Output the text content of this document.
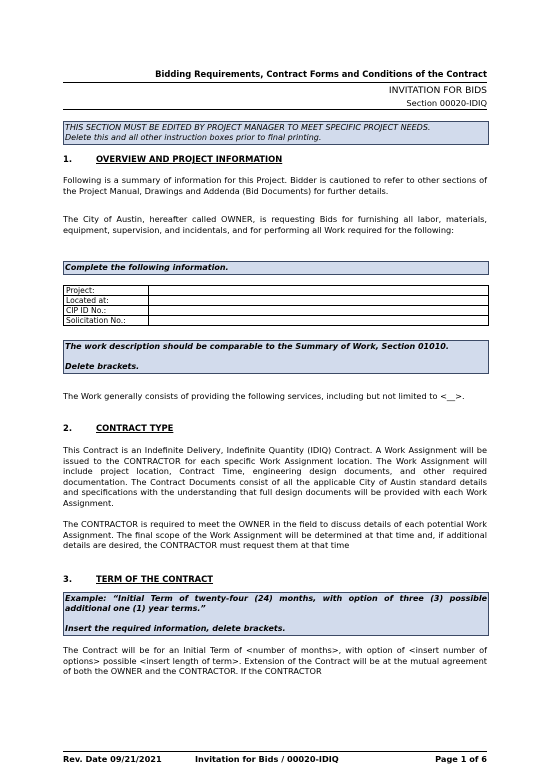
Bidding Requirements, Contract Forms and Conditions of the Contract
INVITATION FOR BIDS
Section 00020-IDIQ
THIS SECTION MUST BE EDITED BY PROJECT MANAGER TO MEET SPECIFIC PROJECT NEEDS.
Delete this and all other instruction boxes prior to final printing.
1.	OVERVIEW AND PROJECT INFORMATION

Following is a summary of information for this Project. Bidder is cautioned to refer to other sections of the Project Manual, Drawings and Addenda (Bid Documents) for further details.

The City of Austin, hereafter called OWNER, is requesting Bids for furnishing all labor, materials, equipment, supervision, and incidentals, and for performing all Work required for the following:

Complete the following information.
Project:	
Located at:	
CIP ID No.:	
Solicitation No.:	
The work description should be comparable to the Summary of Work, Section 01010.
Delete brackets.

The Work generally consists of providing the following services, including but not limited to <__>.

2.	CONTRACT TYPE

This Contract is an Indefinite Delivery, Indefinite Quantity (IDIQ) Contract. A Work Assignment will be issued to the CONTRACTOR for each specific Work Assignment location. The Work Assignment will include project location, Contract Time, engineering design documents, and other required documentation. The Contract Documents consist of all the applicable City of Austin standard details and specifications with the understanding that full design documents will be provided with each Work Assignment.

The CONTRACTOR is required to meet the OWNER in the field to discuss details of each potential Work Assignment. The final scope of the Work Assignment will be determined at that time and, if additional details are desired, the CONTRACTOR must request them at that time

3.	TERM OF THE CONTRACT
Example: “Initial Term of twenty-four (24) months, with option of three (3) possible additional one (1) year terms.”
Insert the required information, delete brackets.

The Contract will be for an Initial Term of <number of months>, with option of <insert number of options> possible <insert length of term>. Extension of the Contract will be at the mutual agreement of both the OWNER and the CONTRACTOR. If the CONTRACTOR

Rev. Date 09/21/2021	Invitation for Bids / 00020-IDIQ	Page 1 of 6
